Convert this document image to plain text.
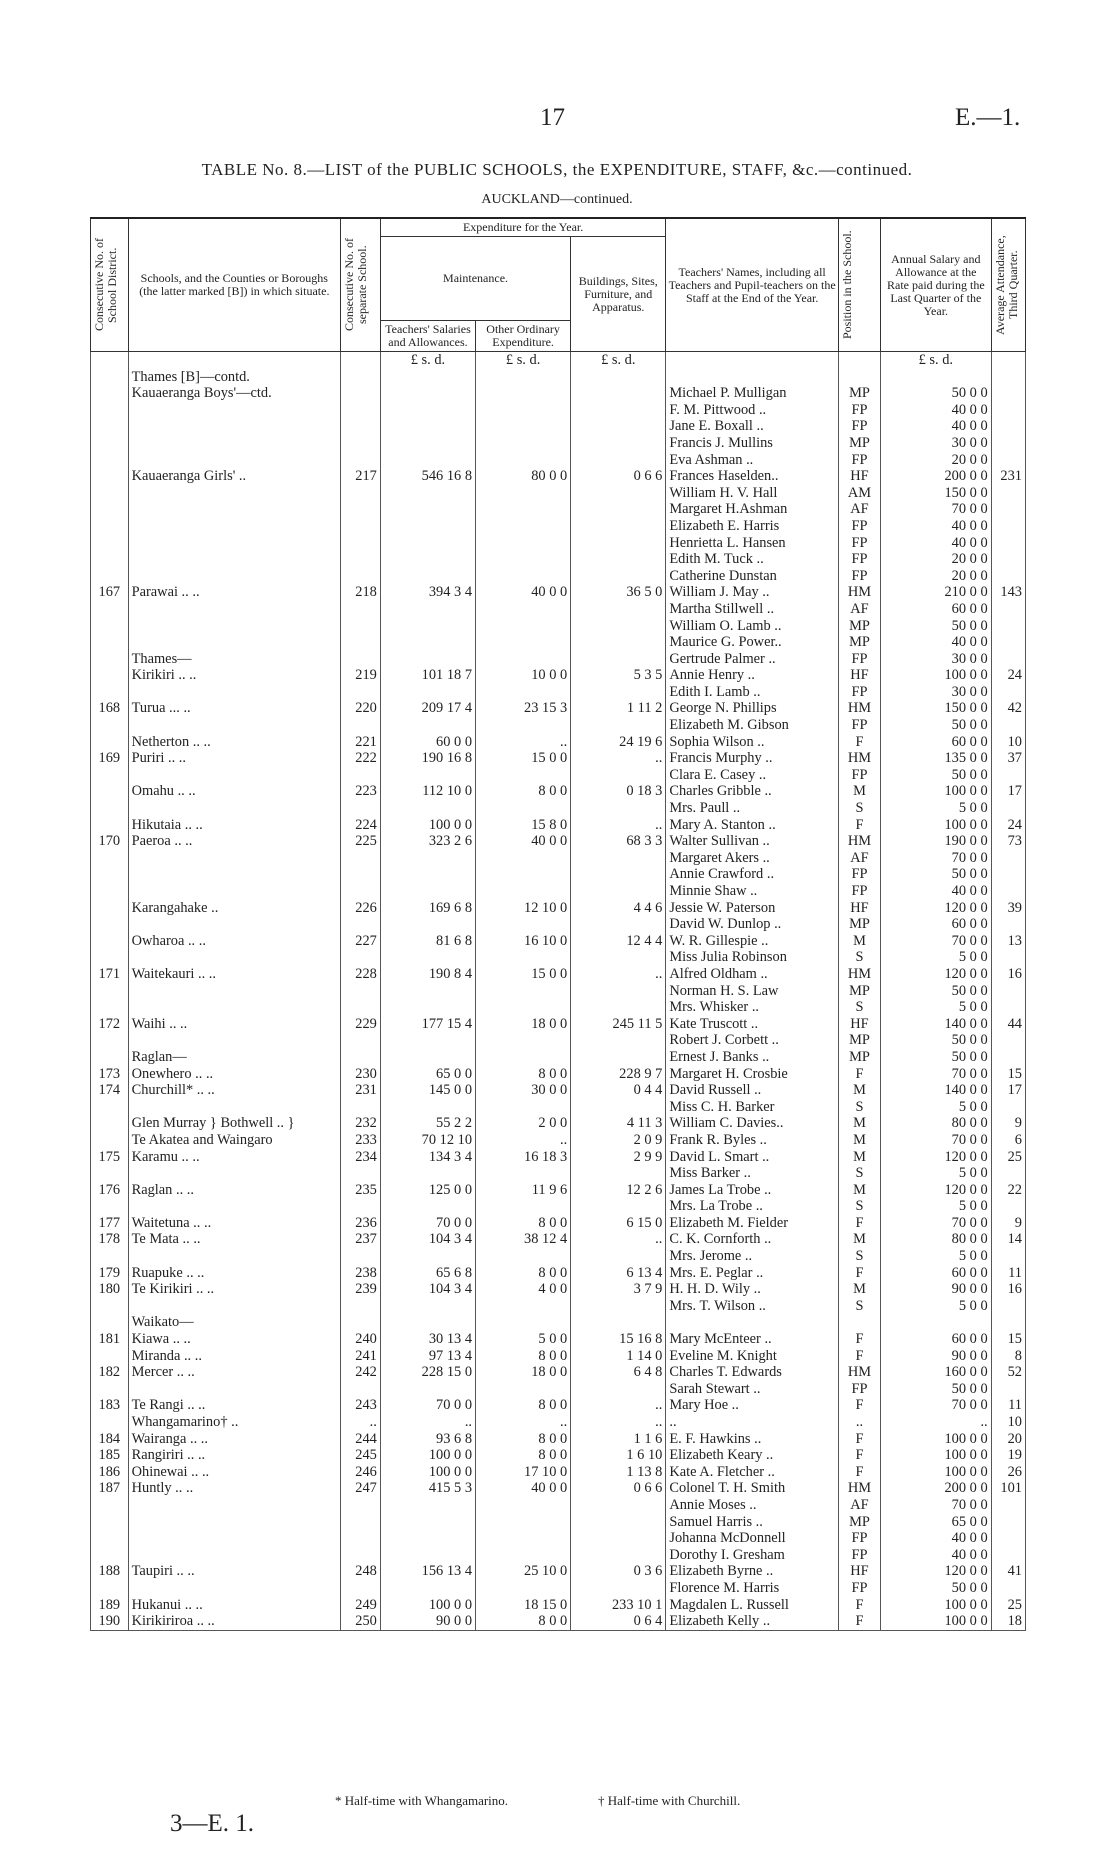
17	E.—1.
TABLE No. 8.—LIST of the PUBLIC SCHOOLS, the EXPENDITURE, STAFF, &c.—continued.
AUCKLAND—continued.
Consecutive No. of School District.	Schools, and the Counties or Boroughs (the latter marked [B]) in which situate.	Consecutive No. of separate School.	Expenditure for the Year.			Teachers' Names, including all Teachers and Pupil-teachers on the Staff at the End of the Year.	Position in the School.	Annual Salary and Allowance at the Rate paid during the Last Quarter of the Year.	Average Attendance, Third Quarter.

			Maintenance.		Buildings, Sites, Furniture, and Apparatus.				
			Teachers' Salaries and Allowances.	Other Ordinary Expenditure.					
			£ s. d.	£ s. d.	£ s. d.			£ s. d.	
	Thames [B]—contd.								
	Kauaeranga Boys'—ctd.					Michael P. Mulligan	MP	50 0 0	
						F. M. Pittwood ..	FP	40 0 0	
						Jane E. Boxall ..	FP	40 0 0	
						Francis J. Mullins	MP	30 0 0	
						Eva Ashman ..	FP	20 0 0	
	Kauaeranga Girls' ..	217	546 16 8	80 0 0	0 6 6	Frances Haselden..	HF	200 0 0	231
						William H. V. Hall	AM	150 0 0	
						Margaret H.Ashman	AF	70 0 0	
						Elizabeth E. Harris	FP	40 0 0	
						Henrietta L. Hansen	FP	40 0 0	
						Edith M. Tuck ..	FP	20 0 0	
						Catherine Dunstan	FP	20 0 0	
167	Parawai .. ..	218	394 3 4	40 0 0	36 5 0	William J. May ..	HM	210 0 0	143
						Martha Stillwell ..	AF	60 0 0	
						William O. Lamb ..	MP	50 0 0	
						Maurice G. Power..	MP	40 0 0	
	Thames—					Gertrude Palmer ..	FP	30 0 0	
	Kirikiri .. ..	219	101 18 7	10 0 0	5 3 5	Annie Henry ..	HF	100 0 0	24
						Edith I. Lamb ..	FP	30 0 0	
168	Turua ... ..	220	209 17 4	23 15 3	1 11 2	George N. Phillips	HM	150 0 0	42
						Elizabeth M. Gibson	FP	50 0 0	
	Netherton .. ..	221	60 0 0	..	24 19 6	Sophia Wilson ..	F	60 0 0	10
169	Puriri .. ..	222	190 16 8	15 0 0	..	Francis Murphy ..	HM	135 0 0	37
						Clara E. Casey ..	FP	50 0 0	
	Omahu .. ..	223	112 10 0	8 0 0	0 18 3	Charles Gribble ..	M	100 0 0	17
						Mrs. Paull ..	S	5 0 0	
	Hikutaia .. ..	224	100 0 0	15 8 0	..	Mary A. Stanton ..	F	100 0 0	24
170	Paeroa .. ..	225	323 2 6	40 0 0	68 3 3	Walter Sullivan ..	HM	190 0 0	73
						Margaret Akers ..	AF	70 0 0	
						Annie Crawford ..	FP	50 0 0	
						Minnie Shaw ..	FP	40 0 0	
	Karangahake ..	226	169 6 8	12 10 0	4 4 6	Jessie W. Paterson	HF	120 0 0	39
						David W. Dunlop ..	MP	60 0 0	
	Owharoa .. ..	227	81 6 8	16 10 0	12 4 4	W. R. Gillespie ..	M	70 0 0	13
						Miss Julia Robinson	S	5 0 0	
171	Waitekauri .. ..	228	190 8 4	15 0 0	..	Alfred Oldham ..	HM	120 0 0	16
						Norman H. S. Law	MP	50 0 0	
						Mrs. Whisker ..	S	5 0 0	
172	Waihi .. ..	229	177 15 4	18 0 0	245 11 5	Kate Truscott ..	HF	140 0 0	44
						Robert J. Corbett ..	MP	50 0 0	
	Raglan—					Ernest J. Banks ..	MP	50 0 0	
173	Onewhero .. ..	230	65 0 0	8 0 0	228 9 7	Margaret H. Crosbie	F	70 0 0	15
174	Churchill* .. ..	231	145 0 0	30 0 0	0 4 4	David Russell ..	M	140 0 0	17
						Miss C. H. Barker	S	5 0 0	
	Glen Murray } Bothwell .. }	232	55 2 2	2 0 0	4 11 3	William C. Davies..	M	80 0 0	9
	Te Akatea and Waingaro	233	70 12 10	..	2 0 9	Frank R. Byles ..	M	70 0 0	6
175	Karamu .. ..	234	134 3 4	16 18 3	2 9 9	David L. Smart ..	M	120 0 0	25
						Miss Barker ..	S	5 0 0	
176	Raglan .. ..	235	125 0 0	11 9 6	12 2 6	James La Trobe ..	M	120 0 0	22
						Mrs. La Trobe ..	S	5 0 0	
177	Waitetuna .. ..	236	70 0 0	8 0 0	6 15 0	Elizabeth M. Fielder	F	70 0 0	9
178	Te Mata .. ..	237	104 3 4	38 12 4	..	C. K. Cornforth ..	M	80 0 0	14
						Mrs. Jerome ..	S	5 0 0	
179	Ruapuke .. ..	238	65 6 8	8 0 0	6 13 4	Mrs. E. Peglar ..	F	60 0 0	11
180	Te Kirikiri .. ..	239	104 3 4	4 0 0	3 7 9	H. H. D. Wily ..	M	90 0 0	16
						Mrs. T. Wilson ..	S	5 0 0	
	Waikato—								
181	Kiawa .. ..	240	30 13 4	5 0 0	15 16 8	Mary McEnteer ..	F	60 0 0	15
	Miranda .. ..	241	97 13 4	8 0 0	1 14 0	Eveline M. Knight	F	90 0 0	8
182	Mercer .. ..	242	228 15 0	18 0 0	6 4 8	Charles T. Edwards	HM	160 0 0	52
						Sarah Stewart ..	FP	50 0 0	
183	Te Rangi .. ..	243	70 0 0	8 0 0	..	Mary Hoe ..	F	70 0 0	11
	Whangamarino† ..	..	..	..	..	..	..	..	10
184	Wairanga .. ..	244	93 6 8	8 0 0	1 1 6	E. F. Hawkins ..	F	100 0 0	20
185	Rangiriri .. ..	245	100 0 0	8 0 0	1 6 10	Elizabeth Keary ..	F	100 0 0	19
186	Ohinewai .. ..	246	100 0 0	17 10 0	1 13 8	Kate A. Fletcher ..	F	100 0 0	26
187	Huntly .. ..	247	415 5 3	40 0 0	0 6 6	Colonel T. H. Smith	HM	200 0 0	101
						Annie Moses ..	AF	70 0 0	
						Samuel Harris ..	MP	65 0 0	
						Johanna McDonnell	FP	40 0 0	
						Dorothy I. Gresham	FP	40 0 0	
188	Taupiri .. ..	248	156 13 4	25 10 0	0 3 6	Elizabeth Byrne ..	HF	120 0 0	41
						Florence M. Harris	FP	50 0 0	
189	Hukanui .. ..	249	100 0 0	18 15 0	233 10 1	Magdalen L. Russell	F	100 0 0	25
190	Kirikiriroa .. ..	250	90 0 0	8 0 0	0 6 4	Elizabeth Kelly ..	F	100 0 0	18
* Half-time with Whangamarino.	† Half-time with Churchill.
3—E. 1.
